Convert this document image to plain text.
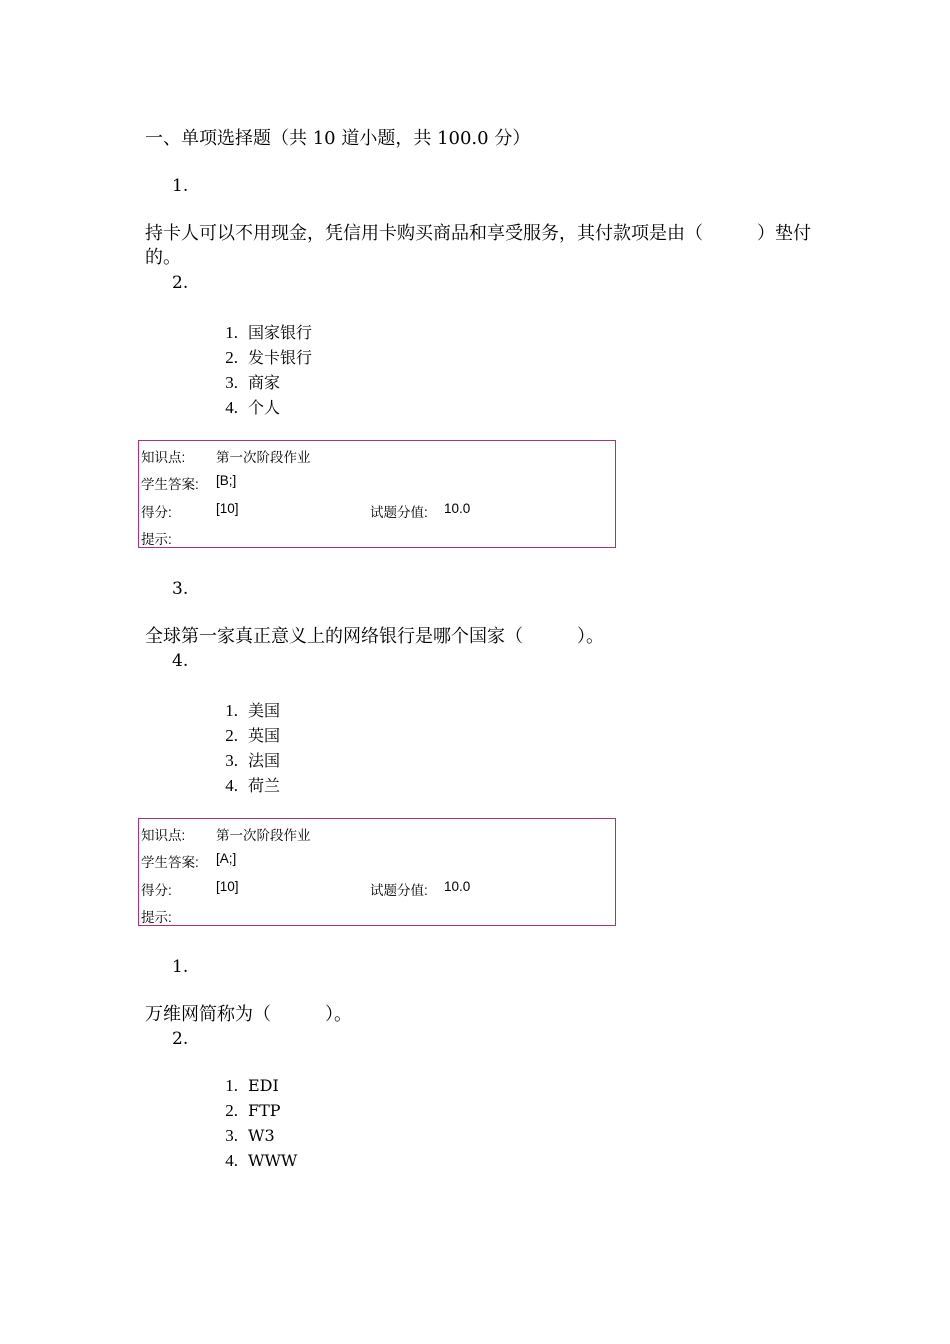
一、单项选择题（共 10 道小题，共 100.0 分）
1.
持卡人可以不用现金，凭信用卡购买商品和享受服务，其付款项是由（　　　）垫付的。
2.
1. 国家银行
2. 发卡银行
3. 商家
4. 个人
知识点: 第一次阶段作业
学生答案: [B;]
得分:	[10]	试题分值: 10.0
提示:
3.
全球第一家真正意义上的网络银行是哪个国家（　　　）。
4.
1. 美国
2. 英国
3. 法国
4. 荷兰
知识点: 第一次阶段作业
学生答案: [A;]
得分:	[10]	试题分值: 10.0
提示:
1.
万维网简称为（　　　）。
2.
1. EDI
2. FTP
3. W3
4. WWW
